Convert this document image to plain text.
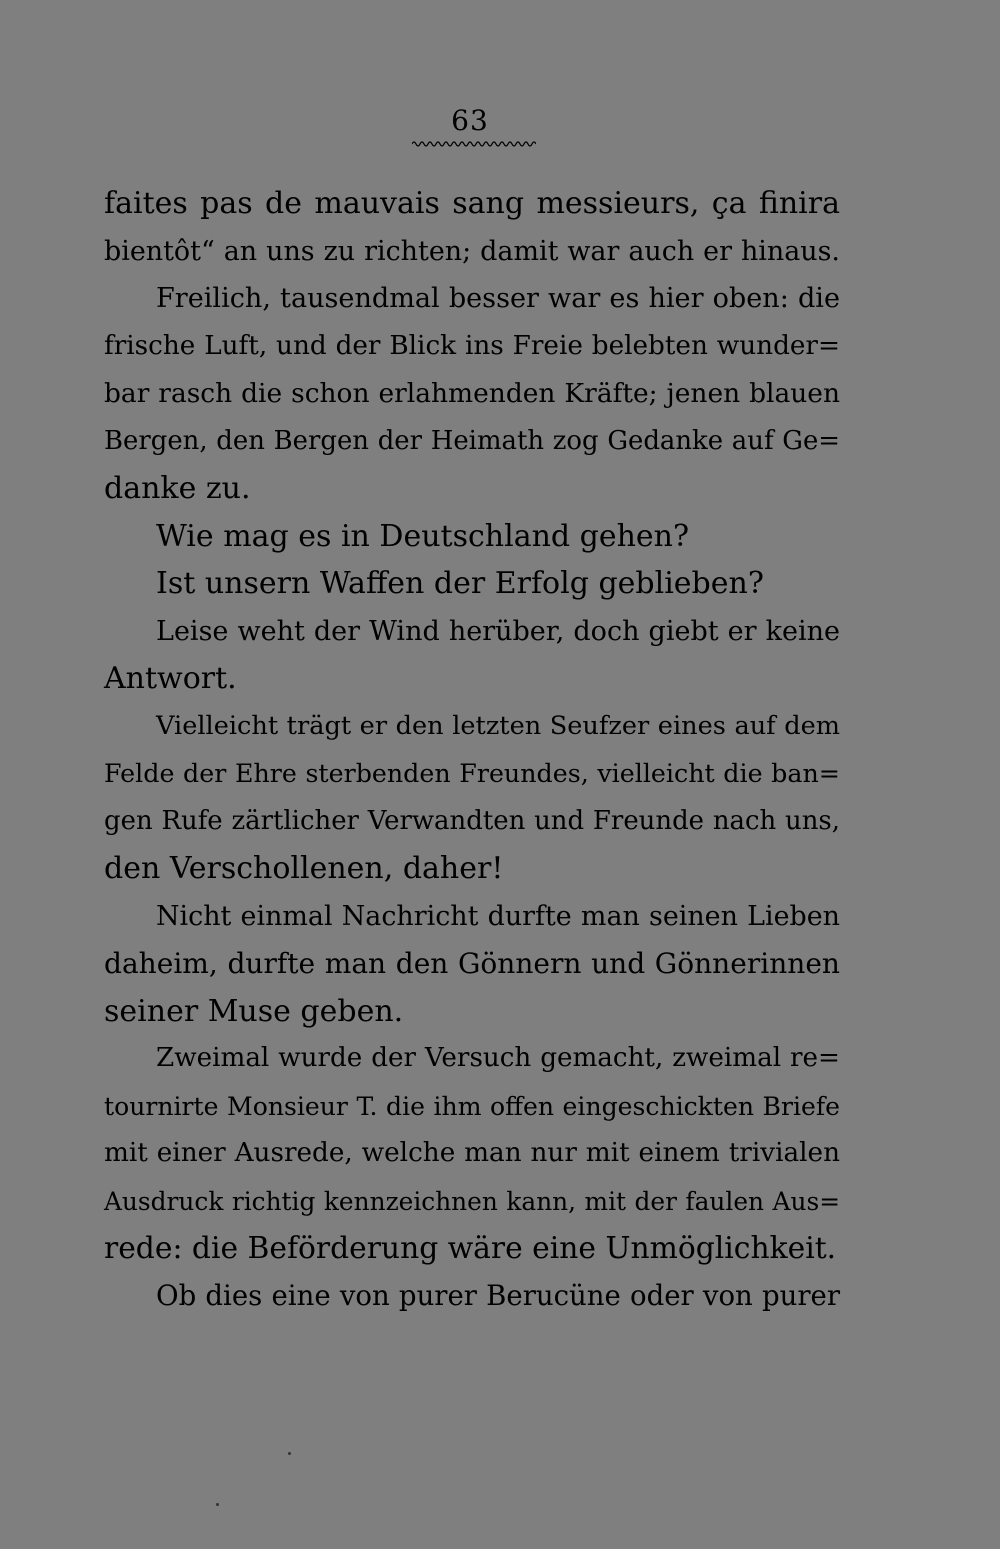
63
faites pas de mauvais sang messieurs, ça finira
bientôt“ an uns zu richten; damit war auch er hinaus.
Freilich, tausendmal besser war es hier oben: die
frische Luft, und der Blick ins Freie belebten wunder=
bar rasch die schon erlahmenden Kräfte; jenen blauen
Bergen, den Bergen der Heimath zog Gedanke auf Ge=
danke zu.
Wie mag es in Deutschland gehen?
Ist unsern Waffen der Erfolg geblieben?
Leise weht der Wind herüber, doch giebt er keine
Antwort.
Vielleicht trägt er den letzten Seufzer eines auf dem
Felde der Ehre sterbenden Freundes, vielleicht die ban=
gen Rufe zärtlicher Verwandten und Freunde nach uns,
den Verschollenen, daher!
Nicht einmal Nachricht durfte man seinen Lieben
daheim, durfte man den Gönnern und Gönnerinnen
seiner Muse geben.
Zweimal wurde der Versuch gemacht, zweimal re=
tournirte Monsieur T. die ihm offen eingeschickten Briefe
mit einer Ausrede, welche man nur mit einem trivialen
Ausdruck richtig kennzeichnen kann, mit der faulen Aus=
rede: die Beförderung wäre eine Unmöglichkeit.
Ob dies eine von purer Berucüne oder von purer
